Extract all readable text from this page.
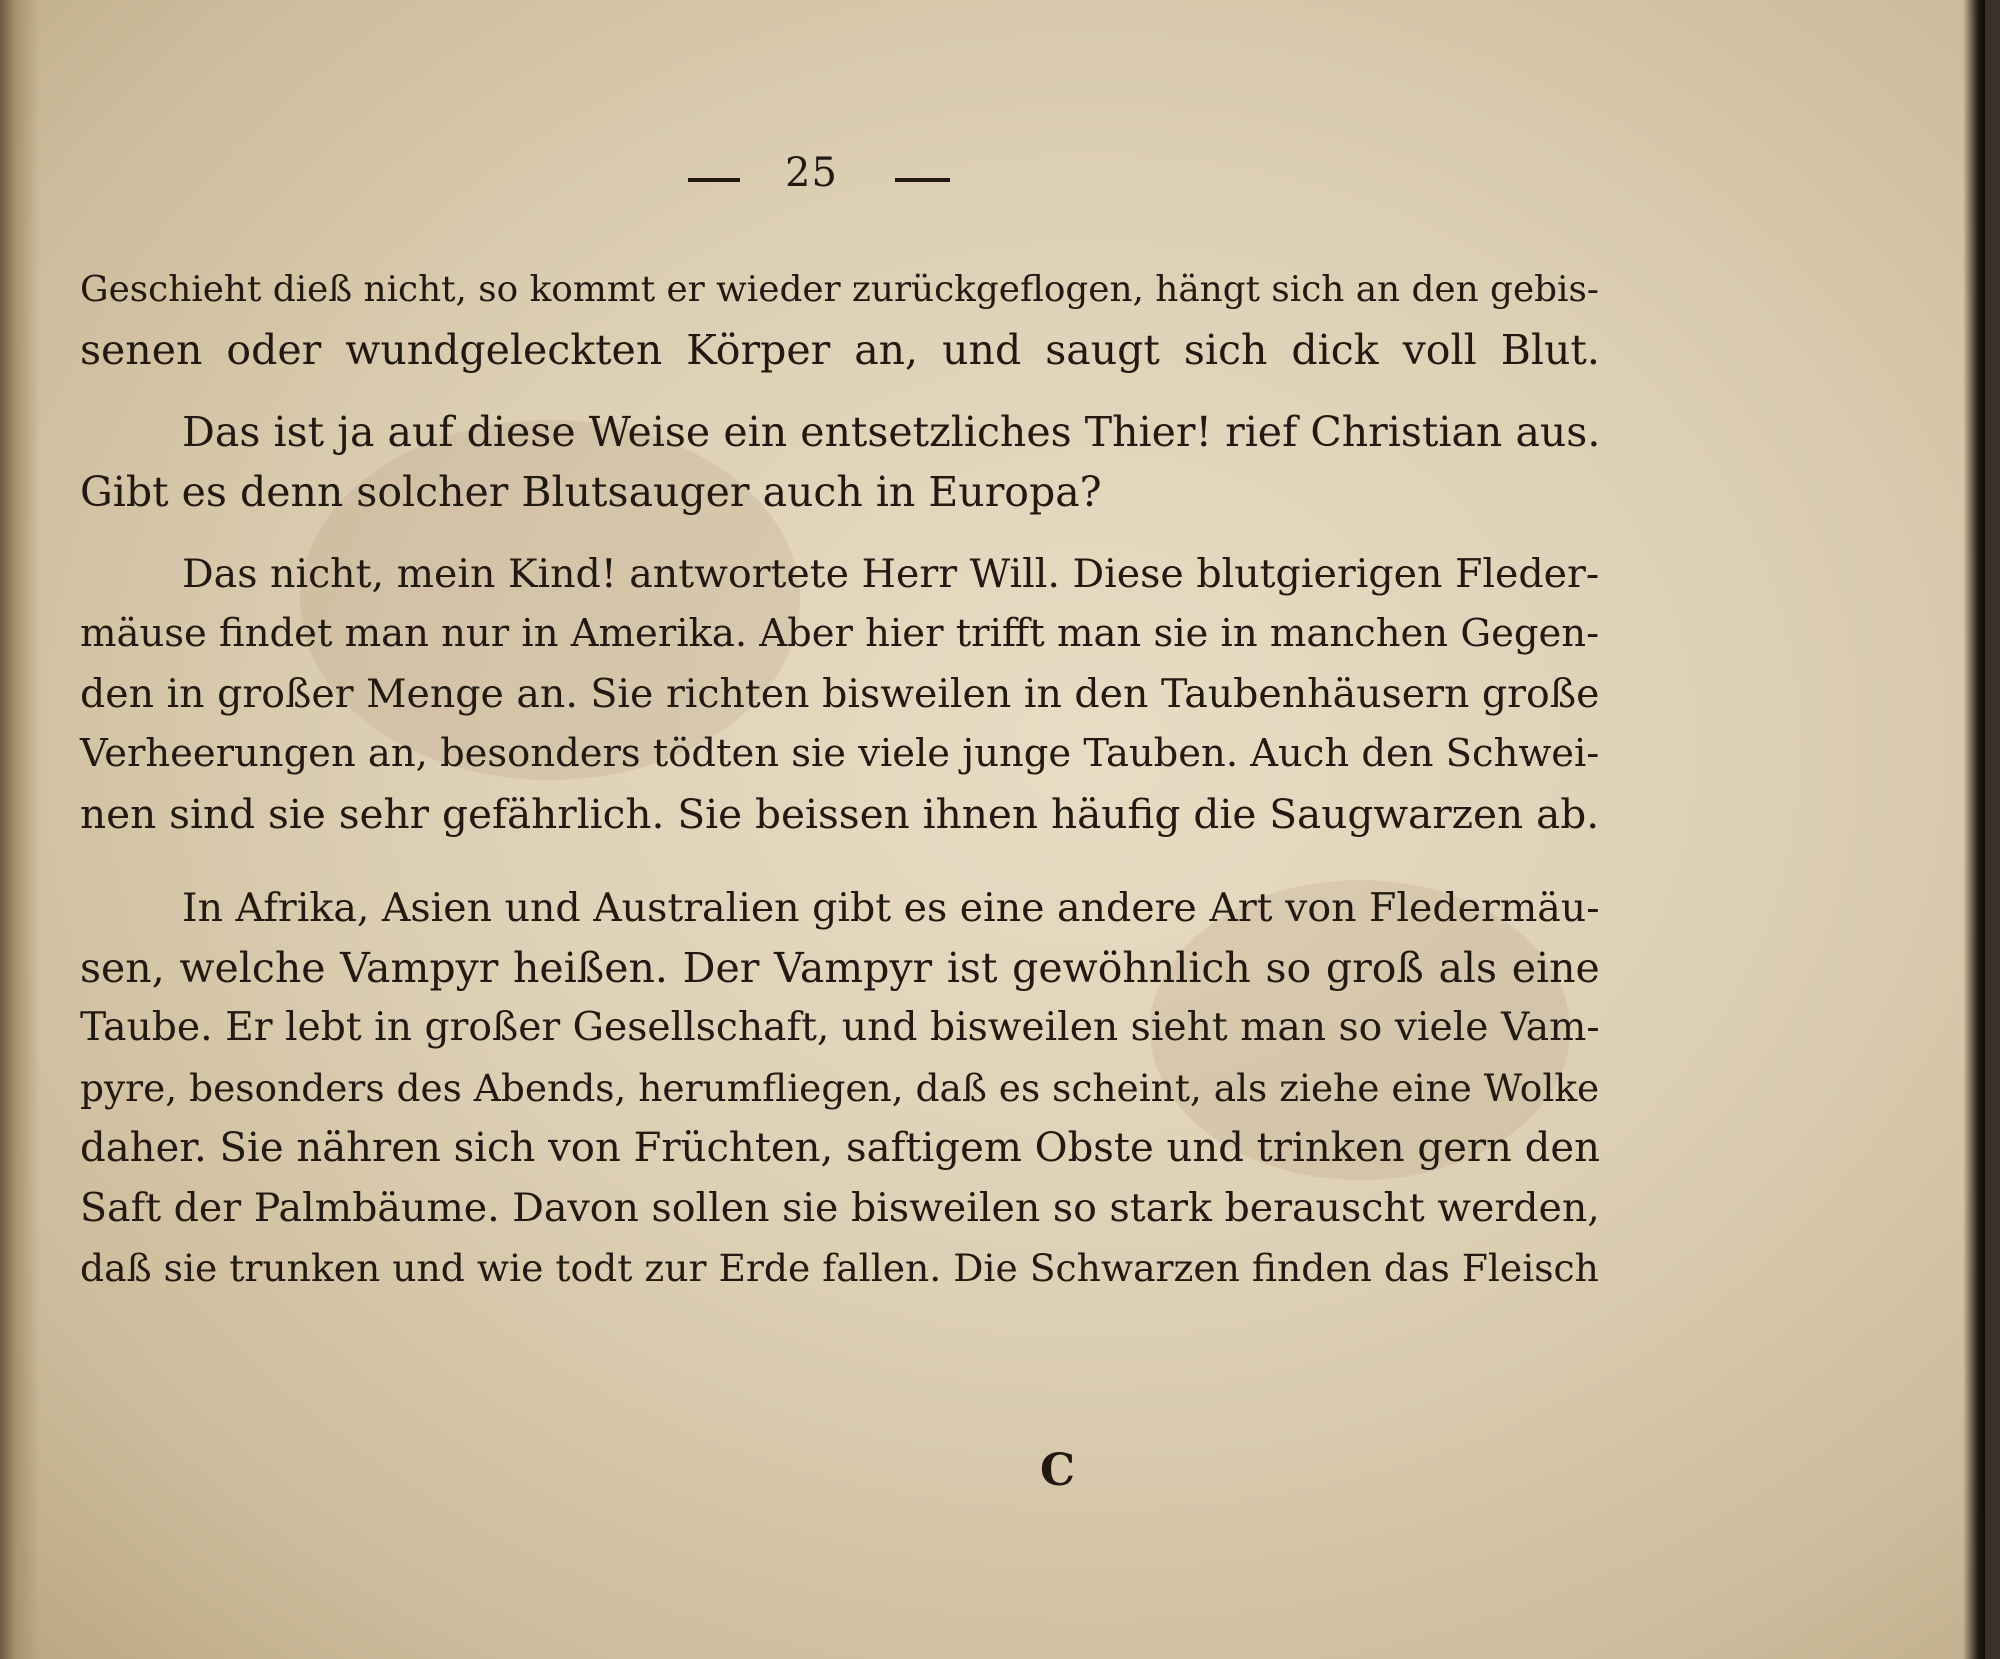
25
Geschieht dieß nicht, so kommt er wieder zurückgeflogen, hängt sich an den gebis-
senen oder wundgeleckten Körper an, und saugt sich dick voll Blut.
Das ist ja auf diese Weise ein entsetzliches Thier! rief Christian aus.
Gibt es denn solcher Blutsauger auch in Europa?
Das nicht, mein Kind! antwortete Herr Will. Diese blutgierigen Fleder-
mäuse findet man nur in Amerika. Aber hier trifft man sie in manchen Gegen-
den in großer Menge an. Sie richten bisweilen in den Taubenhäusern große
Verheerungen an, besonders tödten sie viele junge Tauben. Auch den Schwei-
nen sind sie sehr gefährlich. Sie beissen ihnen häufig die Saugwarzen ab.
In Afrika, Asien und Australien gibt es eine andere Art von Fledermäu-
sen, welche Vampyr heißen. Der Vampyr ist gewöhnlich so groß als eine
Taube. Er lebt in großer Gesellschaft, und bisweilen sieht man so viele Vam-
pyre, besonders des Abends, herumfliegen, daß es scheint, als ziehe eine Wolke
daher. Sie nähren sich von Früchten, saftigem Obste und trinken gern den
Saft der Palmbäume. Davon sollen sie bisweilen so stark berauscht werden,
daß sie trunken und wie todt zur Erde fallen. Die Schwarzen finden das Fleisch
C
